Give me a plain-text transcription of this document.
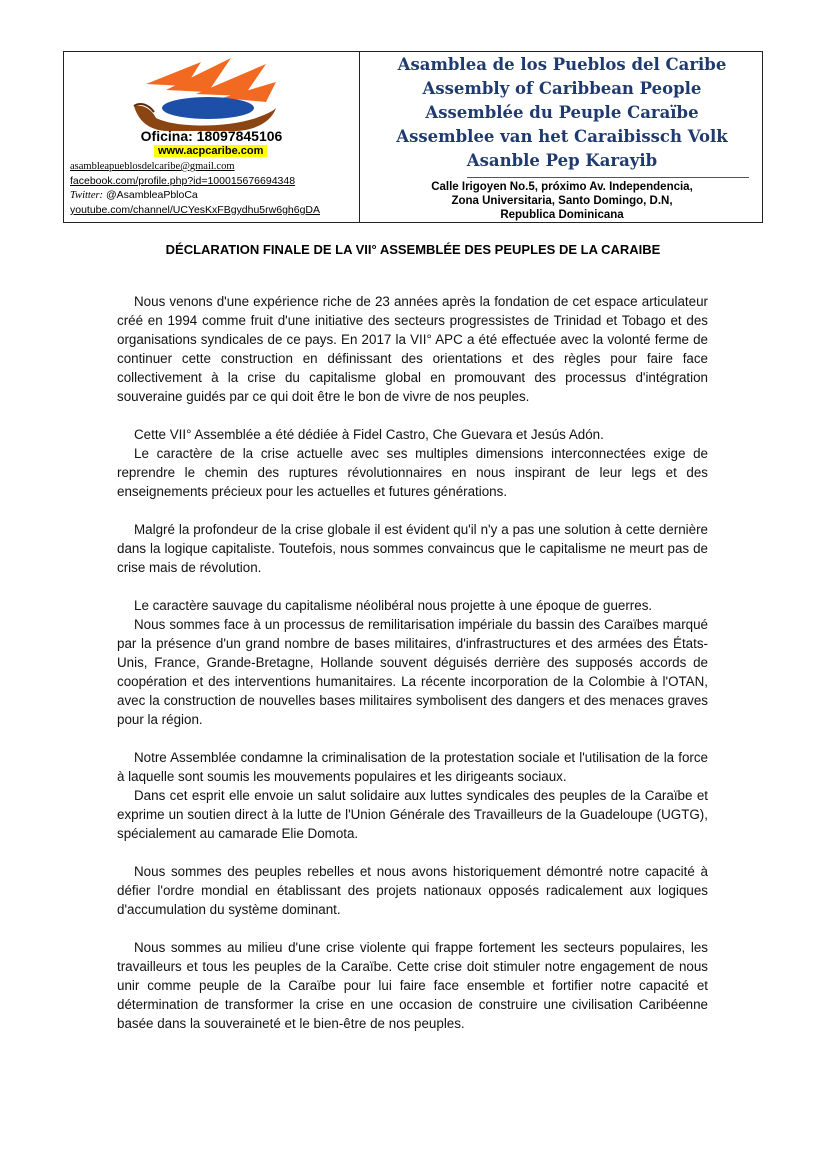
Oficina: 18097845106
www.acpcaribe.com
asambleapueblosdelcaribe@gmail.com
facebook.com/profile.php?id=100015676694348
Twitter: @AsambleaPbloCa
youtube.com/channel/UCYesKxFBgydhu5rw6gh6gDA
Asamblea de los Pueblos del Caribe
Assembly of Caribbean People
Assemblée du Peuple Caraïbe
Assemblee van het Caraibissch Volk
Asanble Pep Karayib
Calle Irigoyen No.5, próximo Av. Independencia,
Zona Universitaria, Santo Domingo, D.N,
Republica Dominicana
DÉCLARATION FINALE DE LA VII° ASSEMBLÉE DES PEUPLES DE LA CARAIBE

Nous venons d'une expérience riche de 23 années après la fondation de cet espace articulateur créé en 1994 comme fruit d'une initiative des secteurs progressistes de Trinidad et Tobago et des organisations syndicales de ce pays. En 2017 la VII° APC a été effectuée avec la volonté ferme de continuer cette construction en définissant des orientations et des règles pour faire face collectivement à la crise du capitalisme global en promouvant des processus d'intégration souveraine guidés par ce qui doit être le bon de vivre de nos peuples.

Cette VII° Assemblée a été dédiée à Fidel Castro, Che Guevara et Jesús Adón.

Le caractère de la crise actuelle avec ses multiples dimensions interconnectées exige de reprendre le chemin des ruptures révolutionnaires en nous inspirant de leur legs et des enseignements précieux pour les actuelles et futures générations.

Malgré la profondeur de la crise globale il est évident qu'il n'y a pas une solution à cette dernière dans la logique capitaliste. Toutefois, nous sommes convaincus que le capitalisme ne meurt pas de crise mais de révolution.

Le caractère sauvage du capitalisme néolibéral nous projette à une époque de guerres.

Nous sommes face à un processus de remilitarisation impériale du bassin des Caraïbes marqué par la présence d'un grand nombre de bases militaires, d'infrastructures et des armées des États-Unis, France, Grande-Bretagne, Hollande souvent déguisés derrière des supposés accords de coopération et des interventions humanitaires. La récente incorporation de la Colombie à l'OTAN, avec la construction de nouvelles bases militaires symbolisent des dangers et des menaces graves pour la région.

Notre Assemblée condamne la criminalisation de la protestation sociale et l'utilisation de la force à laquelle sont soumis les mouvements populaires et les dirigeants sociaux.

Dans cet esprit elle envoie un salut solidaire aux luttes syndicales des peuples de la Caraïbe et exprime un soutien direct à la lutte de l'Union Générale des Travailleurs de la Guadeloupe (UGTG), spécialement au camarade Elie Domota.

Nous sommes des peuples rebelles et nous avons historiquement démontré notre capacité à défier l'ordre mondial en établissant des projets nationaux opposés radicalement aux logiques d'accumulation du système dominant.

Nous sommes au milieu d'une crise violente qui frappe fortement les secteurs populaires, les travailleurs et tous les peuples de la Caraïbe. Cette crise doit stimuler notre engagement de nous unir comme peuple de la Caraïbe pour lui faire face ensemble et fortifier notre capacité et détermination de transformer la crise en une occasion de construire une civilisation Caribéenne basée dans la souveraineté et le bien-être de nos peuples.
